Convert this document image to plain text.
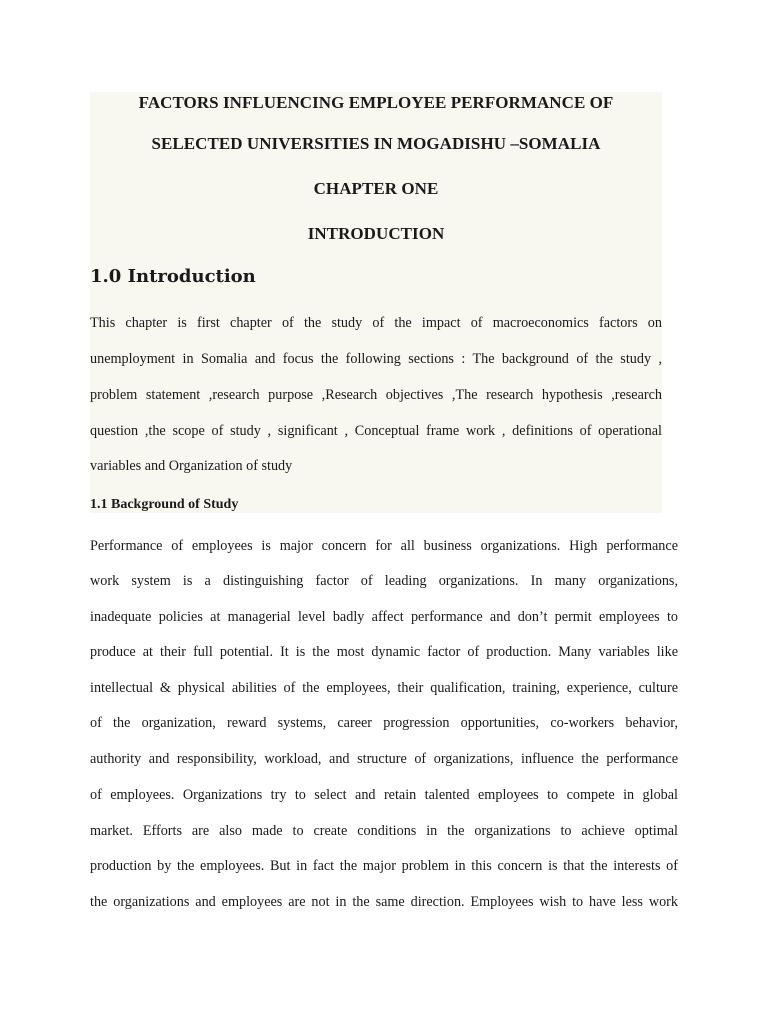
FACTORS INFLUENCING EMPLOYEE PERFORMANCE OF
SELECTED UNIVERSITIES IN MOGADISHU –SOMALIA
CHAPTER ONE
INTRODUCTION
1.0 Introduction
This chapter is first chapter of the study of the impact of macroeconomics factors on
unemployment in Somalia and focus the following sections : The background of the study ,
problem statement ,research purpose ,Research objectives ,The research hypothesis ,research
question ,the scope of study , significant , Conceptual frame work , definitions of operational
variables and Organization of study
1.1 Background of Study
Performance of employees is major concern for all business organizations. High performance
work system is a distinguishing factor of leading organizations. In many organizations,
inadequate policies at managerial level badly affect performance and don’t permit employees to
produce at their full potential. It is the most dynamic factor of production. Many variables like
intellectual & physical abilities of the employees, their qualification, training, experience, culture
of the organization, reward systems, career progression opportunities, co-workers behavior,
authority and responsibility, workload, and structure of organizations, influence the performance
of employees. Organizations try to select and retain talented employees to compete in global
market. Efforts are also made to create conditions in the organizations to achieve optimal
production by the employees. But in fact the major problem in this concern is that the interests of
the organizations and employees are not in the same direction. Employees wish to have less work
